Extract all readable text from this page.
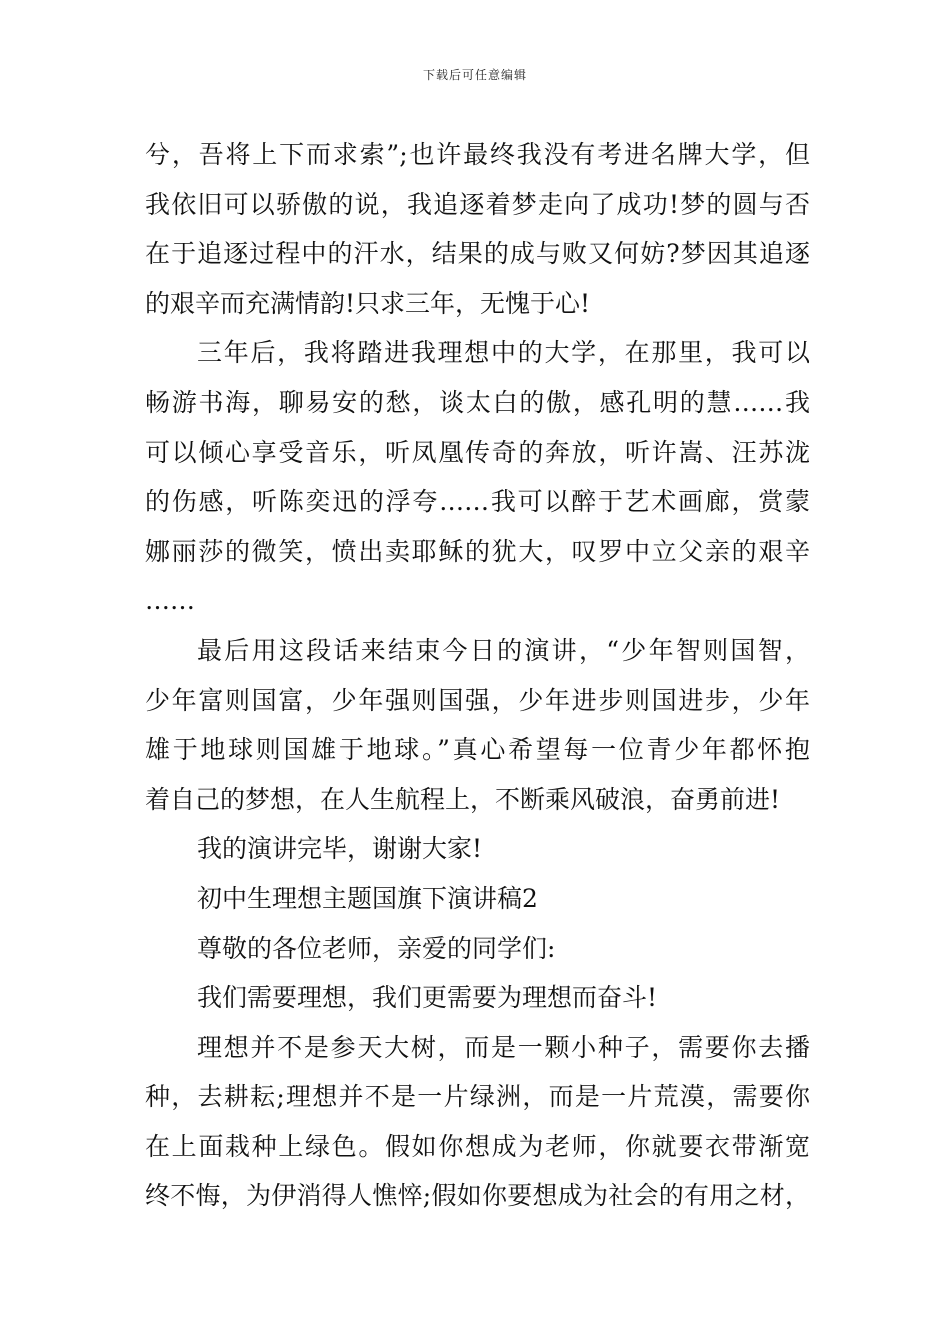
下载后可任意编辑
兮，吾将上下而求索”;也许最终我没有考进名牌大学，但
我依旧可以骄傲的说，我追逐着梦走向了成功!梦的圆与否
在于追逐过程中的汗水，结果的成与败又何妨?梦因其追逐
的艰辛而充满情韵!只求三年，无愧于心!
三年后，我将踏进我理想中的大学，在那里，我可以
畅游书海，聊易安的愁，谈太白的傲，感孔明的慧……我
可以倾心享受音乐，听凤凰传奇的奔放，听许嵩、汪苏泷
的伤感，听陈奕迅的浮夸……我可以醉于艺术画廊，赏蒙
娜丽莎的微笑，愤出卖耶稣的犹大，叹罗中立父亲的艰辛
……
最后用这段话来结束今日的演讲，“少年智则国智，
少年富则国富，少年强则国强，少年进步则国进步，少年
雄于地球则国雄于地球。”真心希望每一位青少年都怀抱
着自己的梦想，在人生航程上，不断乘风破浪，奋勇前进!
我的演讲完毕，谢谢大家!
初中生理想主题国旗下演讲稿2
尊敬的各位老师，亲爱的同学们:
我们需要理想，我们更需要为理想而奋斗!
理想并不是参天大树，而是一颗小种子，需要你去播
种，去耕耘;理想并不是一片绿洲，而是一片荒漠，需要你
在上面栽种上绿色。假如你想成为老师，你就要衣带渐宽
终不悔，为伊消得人憔悴;假如你要想成为社会的有用之材，
